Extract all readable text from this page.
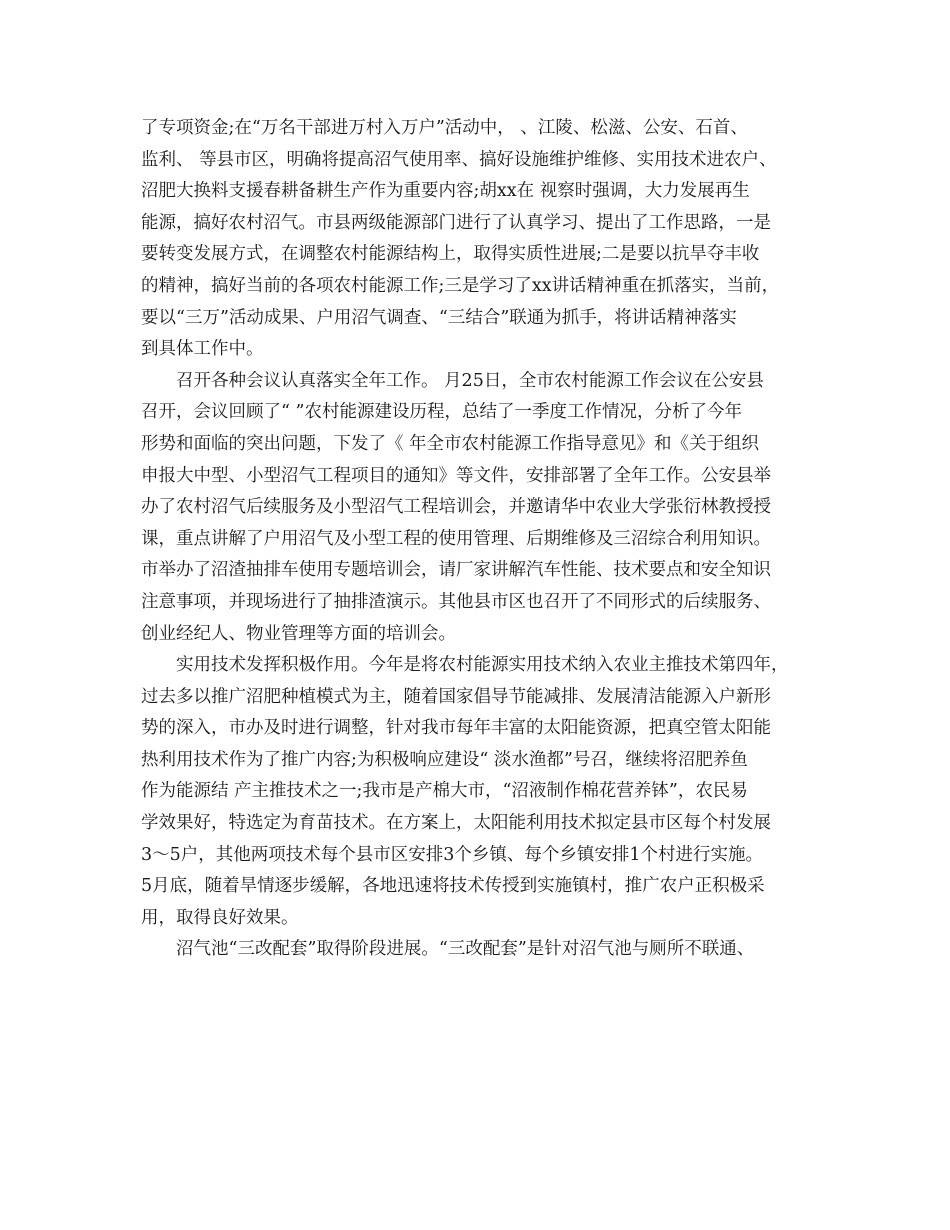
了专项资金;在“万名干部进万村入万户”活动中， 、江陵、松滋、公安、石首、
监利、 等县市区，明确将提高沼气使用率、搞好设施维护维修、实用技术进农户、
沼肥大换料支援春耕备耕生产作为重要内容;胡xx在 视察时强调，大力发展再生
能源，搞好农村沼气。市县两级能源部门进行了认真学习、提出了工作思路，一是
要转变发展方式，在调整农村能源结构上，取得实质性进展;二是要以抗旱夺丰收
的精神，搞好当前的各项农村能源工作;三是学习了xx讲话精神重在抓落实，当前，
要以“三万”活动成果、户用沼气调查、“三结合”联通为抓手，将讲话精神落实
到具体工作中。
召开各种会议认真落实全年工作。 月25日，全市农村能源工作会议在公安县
召开，会议回顾了“ ”农村能源建设历程，总结了一季度工作情况，分析了今年
形势和面临的突出问题，下发了《 年全市农村能源工作指导意见》和《关于组织
申报大中型、小型沼气工程项目的通知》等文件，安排部署了全年工作。公安县举
办了农村沼气后续服务及小型沼气工程培训会，并邀请华中农业大学张衍林教授授
课，重点讲解了户用沼气及小型工程的使用管理、后期维修及三沼综合利用知识。
市举办了沼渣抽排车使用专题培训会，请厂家讲解汽车性能、技术要点和安全知识
注意事项，并现场进行了抽排渣演示。其他县市区也召开了不同形式的后续服务、
创业经纪人、物业管理等方面的培训会。
实用技术发挥积极作用。今年是将农村能源实用技术纳入农业主推技术第四年，
过去多以推广沼肥种植模式为主，随着国家倡导节能减排、发展清洁能源入户新形
势的深入，市办及时进行调整，针对我市每年丰富的太阳能资源，把真空管太阳能
热利用技术作为了推广内容;为积极响应建设“ 淡水渔都”号召，继续将沼肥养鱼
作为能源结 产主推技术之一;我市是产棉大市，“沼液制作棉花营养钵”，农民易
学效果好，特选定为育苗技术。在方案上，太阳能利用技术拟定县市区每个村发展
3～5户，其他两项技术每个县市区安排3个乡镇、每个乡镇安排1个村进行实施。
5月底，随着旱情逐步缓解，各地迅速将技术传授到实施镇村，推广农户正积极采
用，取得良好效果。
沼气池“三改配套”取得阶段进展。“三改配套”是针对沼气池与厕所不联通、
